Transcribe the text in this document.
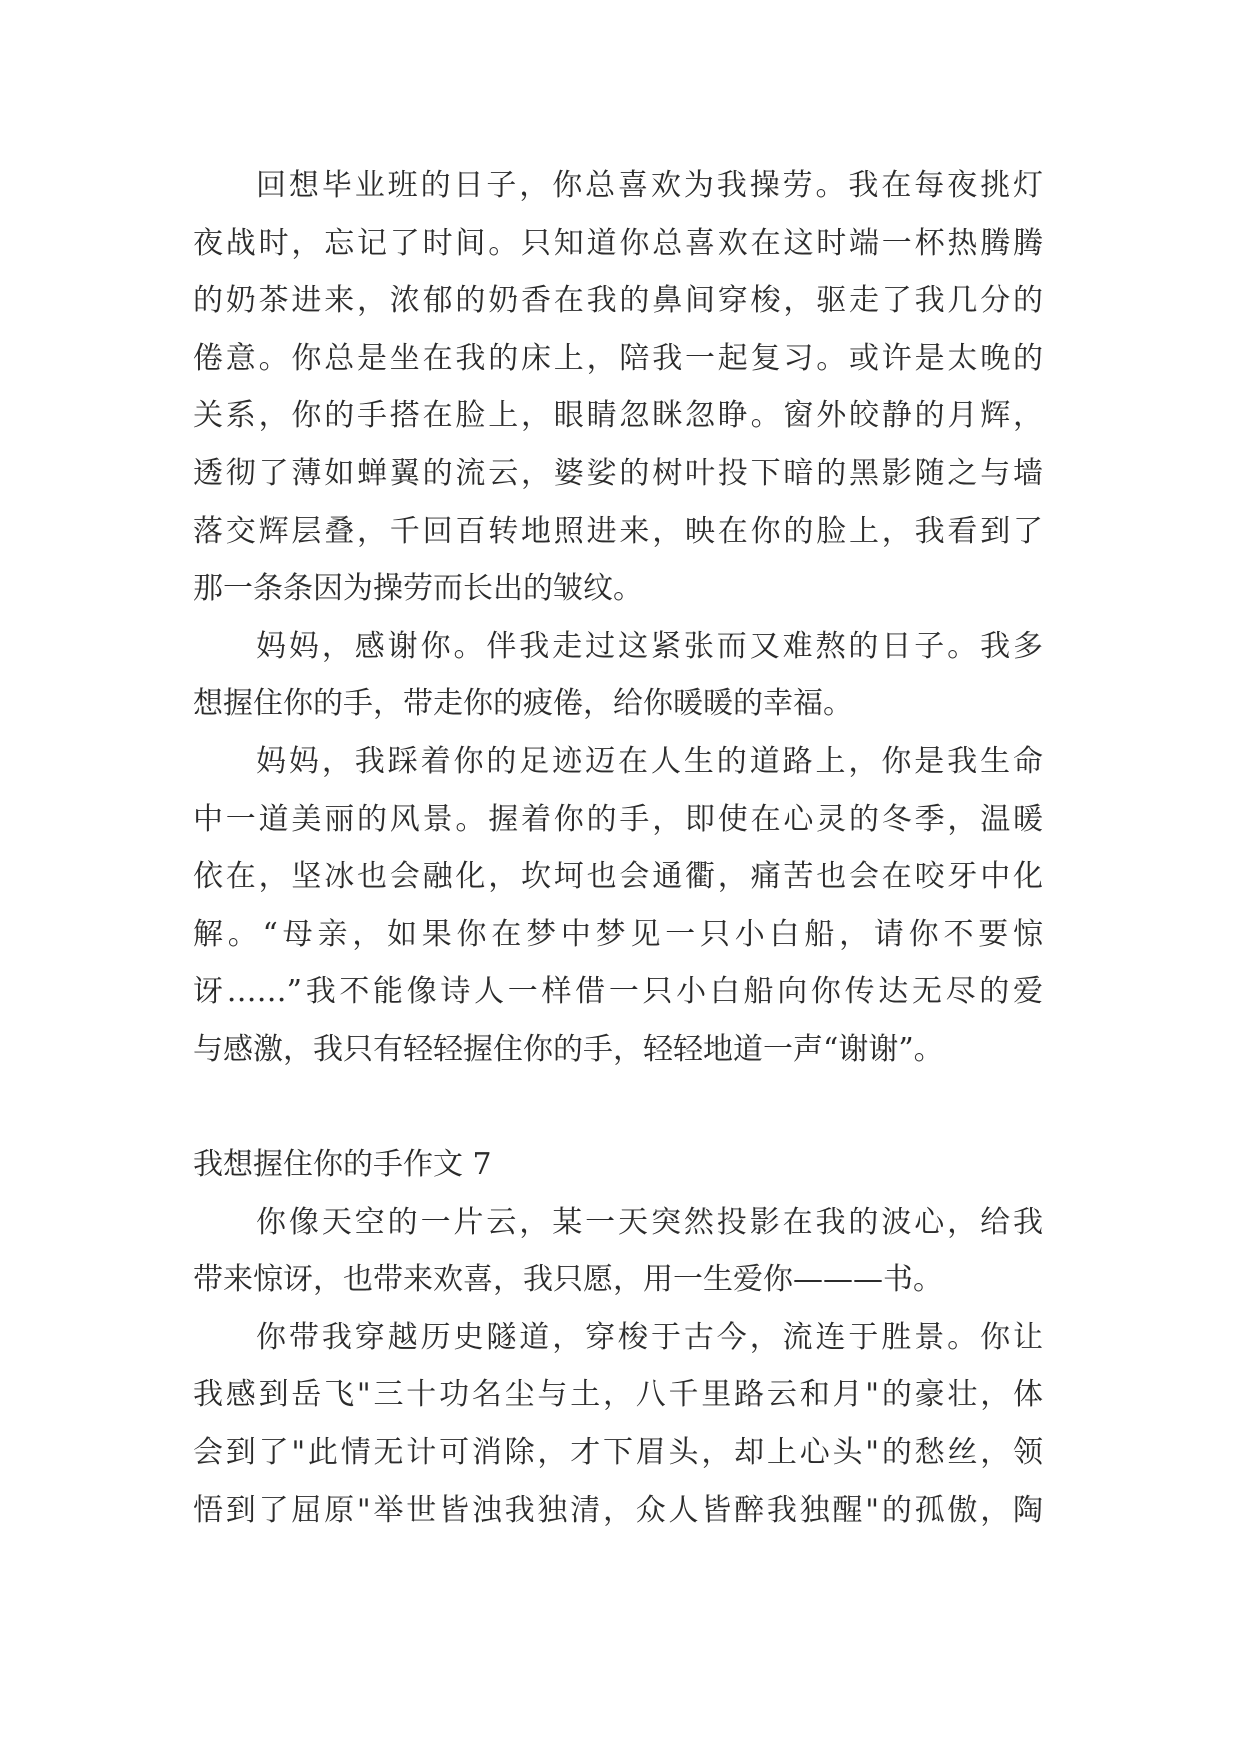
回想毕业班的日子，你总喜欢为我操劳。我在每夜挑灯
夜战时，忘记了时间。只知道你总喜欢在这时端一杯热腾腾
的奶茶进来，浓郁的奶香在我的鼻间穿梭，驱走了我几分的
倦意。你总是坐在我的床上，陪我一起复习。或许是太晚的
关系，你的手搭在脸上，眼睛忽眯忽睁。窗外皎静的月辉，
透彻了薄如蝉翼的流云，婆娑的树叶投下暗的黑影随之与墙
落交辉层叠，千回百转地照进来，映在你的脸上，我看到了
那一条条因为操劳而长出的皱纹。
妈妈，感谢你。伴我走过这紧张而又难熬的日子。我多
想握住你的手，带走你的疲倦，给你暖暖的幸福。
妈妈，我踩着你的足迹迈在人生的道路上，你是我生命
中一道美丽的风景。握着你的手，即使在心灵的冬季，温暖
依在，坚冰也会融化，坎坷也会通衢，痛苦也会在咬牙中化
解。“母亲，如果你在梦中梦见一只小白船，请你不要惊
讶……”我不能像诗人一样借一只小白船向你传达无尽的爱
与感激，我只有轻轻握住你的手，轻轻地道一声“谢谢”。
我想握住你的手作文 7
你像天空的一片云，某一天突然投影在我的波心，给我
带来惊讶，也带来欢喜，我只愿，用一生爱你———书。
你带我穿越历史隧道，穿梭于古今，流连于胜景。你让
我感到岳飞"三十功名尘与土，八千里路云和月"的豪壮，体
会到了"此情无计可消除，才下眉头，却上心头"的愁丝，领
悟到了屈原"举世皆浊我独清，众人皆醉我独醒"的孤傲，陶
